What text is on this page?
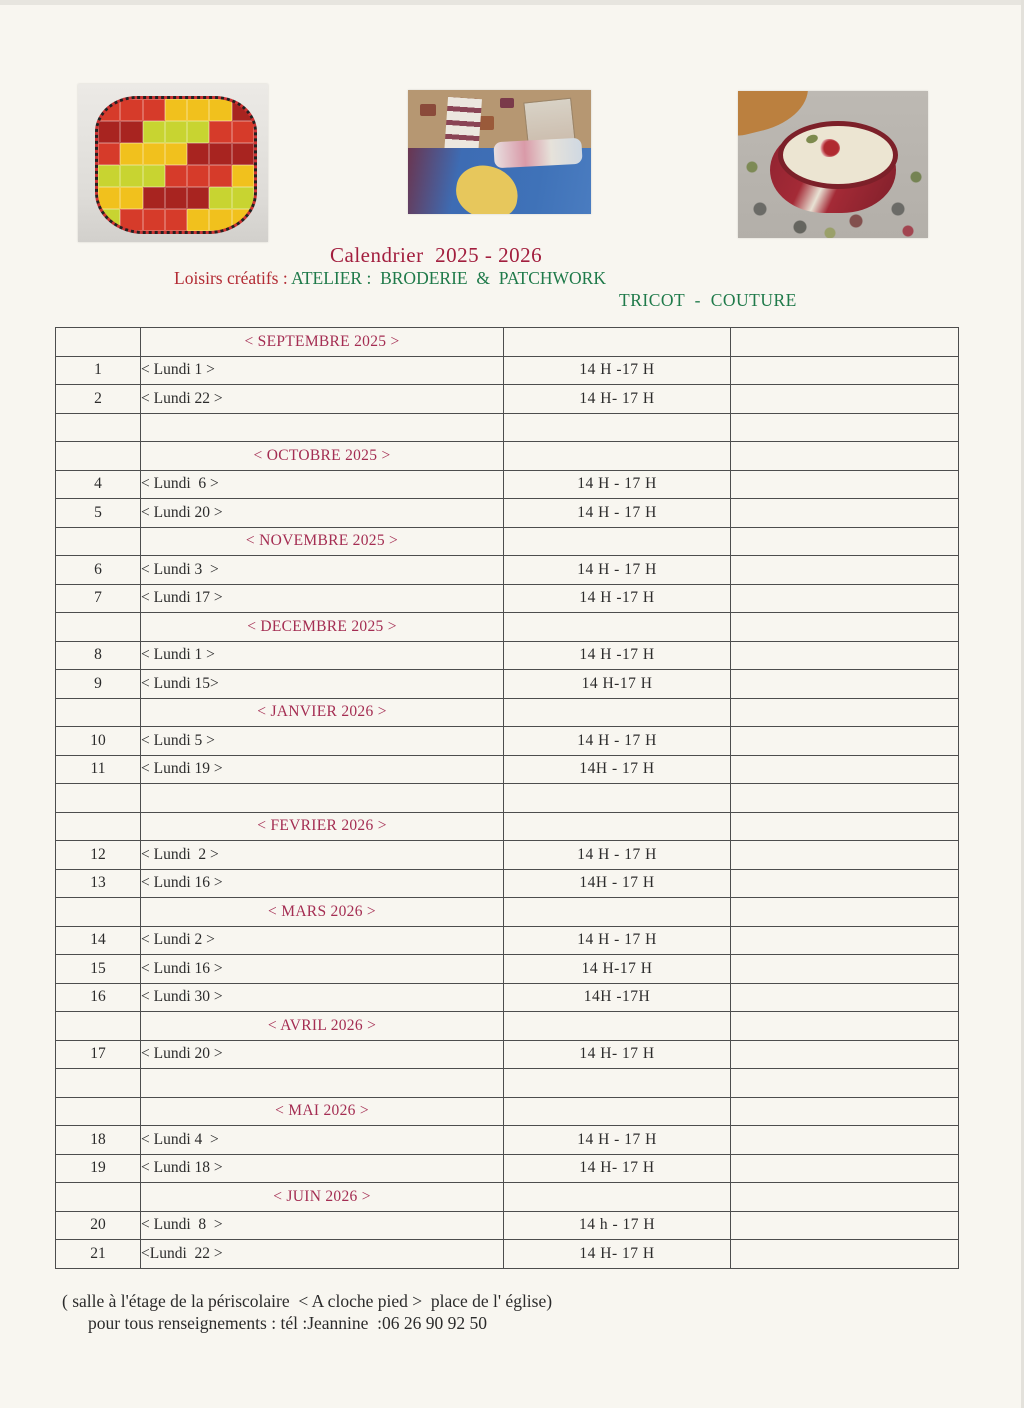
Calendrier  2025 - 2026
Loisirs créatifs : ATELIER :  BRODERIE  &  PATCHWORK
TRICOT  -  COUTURE
	< SEPTEMBRE 2025 >		
1	< Lundi 1 >	14 H -17 H	
2	< Lundi 22 >	14 H- 17 H	

	< OCTOBRE 2025 >		
4	< Lundi  6 >	14 H - 17 H	
5	< Lundi 20 >	14 H - 17 H	
	< NOVEMBRE 2025 >		
6	< Lundi 3  >	14 H - 17 H	
7	< Lundi 17 >	14 H -17 H	
	< DECEMBRE 2025 >		
8	< Lundi 1 >	14 H -17 H	
9	< Lundi 15>	14 H-17 H	
	< JANVIER 2026 >		
10	< Lundi 5 >	14 H - 17 H	
11	< Lundi 19 >	14H - 17 H	

	< FEVRIER 2026 >		
12	< Lundi  2 >	14 H - 17 H	
13	< Lundi 16 >	14H - 17 H	
	< MARS 2026 >		
14	< Lundi 2 >	14 H - 17 H	
15	< Lundi 16 >	14 H-17 H	
16	< Lundi 30 >	14H -17H	
	< AVRIL 2026 >		
17	< Lundi 20 >	14 H- 17 H	

	< MAI 2026 >		
18	< Lundi 4  >	14 H - 17 H	
19	< Lundi 18 >	14 H- 17 H	
	< JUIN 2026 >		
20	< Lundi  8  >	14 h - 17 H	
21	<Lundi  22 >	14 H- 17 H	
( salle à l'étage de la périscolaire  < A cloche pied >  place de l' église)
pour tous renseignements : tél :Jeannine  :06 26 90 92 50
